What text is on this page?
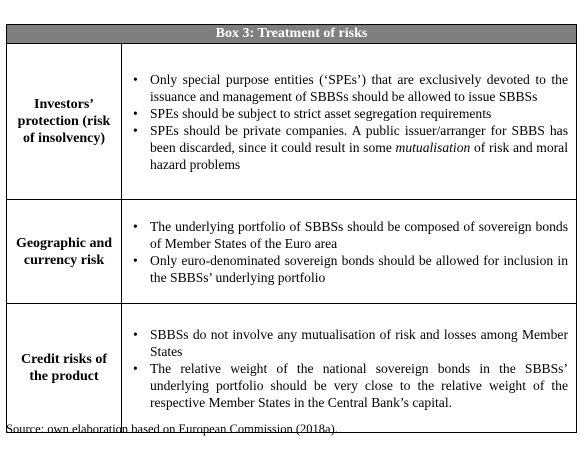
Box 3: Treatment of risks
Investors’ protection (risk of insolvency)
• Only special purpose entities (‘SPEs’) that are exclusively devoted to the issuance and management of SBBSs should be allowed to issue SBBSs
• SPEs should be subject to strict asset segregation requirements
• SPEs should be private companies. A public issuer/arranger for SBBS has been discarded, since it could result in some mutualisation of risk and moral hazard problems
Geographic and currency risk
• The underlying portfolio of SBBSs should be composed of sovereign bonds of Member States of the Euro area
• Only euro-denominated sovereign bonds should be allowed for inclusion in the SBBSs’ underlying portfolio
Credit risks of the product
• SBBSs do not involve any mutualisation of risk and losses among Member States
• The relative weight of the national sovereign bonds in the SBBSs’ underlying portfolio should be very close to the relative weight of the respective Member States in the Central Bank’s capital.
Source: own elaboration based on European Commission (2018a).
